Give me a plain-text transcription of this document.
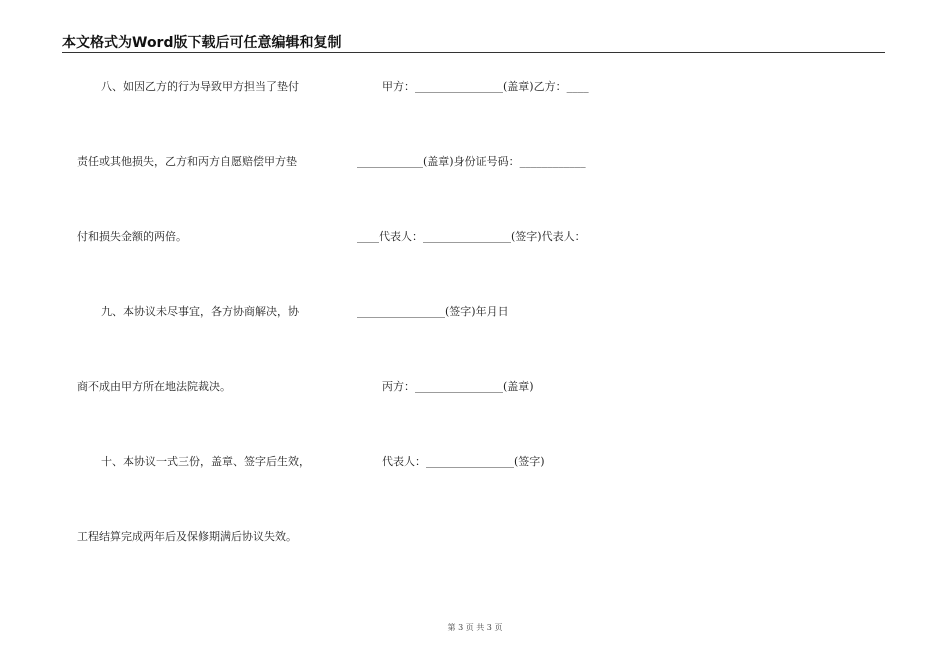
本文格式为Word版下载后可任意编辑和复制
八、如因乙方的行为导致甲方担当了垫付
责任或其他损失，乙方和丙方自愿赔偿甲方垫
付和损失金额的两倍。
九、本协议未尽事宜，各方协商解决，协
商不成由甲方所在地法院裁决。
十、本协议一式三份，盖章、签字后生效，
工程结算完成两年后及保修期满后协议失效。
甲方：________________(盖章)乙方：____
____________(盖章)身份证号码：____________
____代表人：________________(签字)代表人：
________________(签字)年月日
丙方：________________(盖章)
代表人：________________(签字)
第 3 页 共 3 页
